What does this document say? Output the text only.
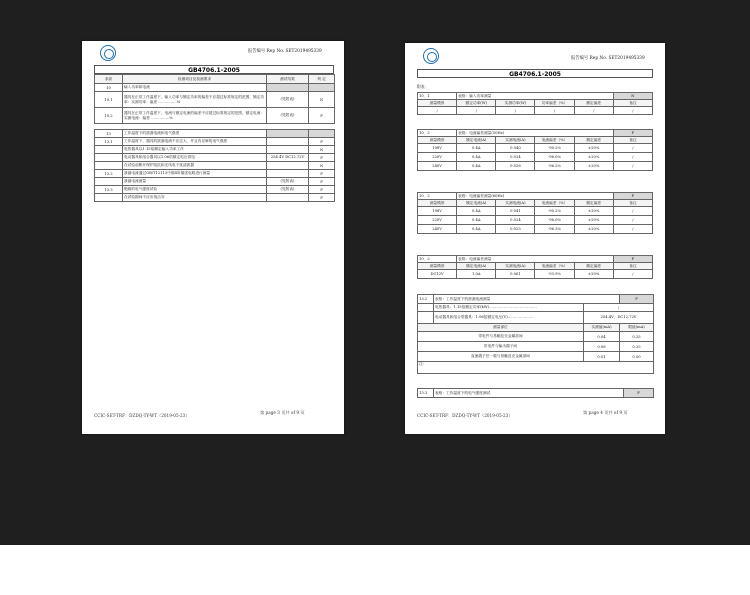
报告编号 Rep No. SET2019495339
GB4706.1-2005
条款	检测项目及检测要求	测试结果	判 定
10	输入功率和电流		
10.1	器具在正常工作温度下，输入功率与额定功率的偏差不应超过标准规定的范围，额定功率：实测功率：偏差 ……………%	(见附表)	N
10.2	器具在正常工作温度下，电流与额定电流的偏差不应超过标准规定的范围，额定电流：实测电流：偏差 ……………%	(见附表)	P

13	工作温度下的泄漏电流和电气强度		
13.1	工作温度下，器具的泄漏电流不应过大，并且有足够的电气强度		P
	电热器具以1.15倍额定输入功率工作		N
	电动器具和组合器具以1.06倍额定电压供电	254.4V DC12.72V	P
	在试验前断开保护阻抗和无线电干扰滤波器		N
13.2	泄漏电流通过GB/T12113中图4所描述电路进行测量		P
	泄漏电流测量	(见附表)	P
13.3	绝缘的电气强度试验	(见附表)	P
	在试验期间不应出现击穿		P
CCIC-SET-TRF：DZDQ-TY-WT（2019-05-23）
第 page 3 页共 of 9 页
报告编号 Rep No. SET2019495339
GB4706.1-2005
附表：
10．1	表格：输入功率测量				N
测量模形	额定功率(W)	实测功率(W)	功率偏差（%）	额定偏差	备注
/	/	/	/	/	/
10．2	表格：电流偏差测量(50Hz)				P
测量模形	额定电流(A)	实测电流(A)	电流偏差（%）	额定偏差	备注
198V	0.4A	0.040	-90.2%	±20%	/
220V	0.4A	0.024	-96.0%	±20%	/
240V	0.4A	0.026	-96.2%	±20%	/
10．2	表格：电流偏差测量(60Hz)				P
测量模形	额定电流(A)	实测电流(A)	电流偏差（%）	额定偏差	备注
198V	0.4A	0.041	-90.2%	±20%	/
220V	0.4A	0.024	-96.0%	±20%	/
240V	0.4A	0.025	-96.3%	±20%	/
10．2	表格：电流偏差测量				P
测量模形	额定电流(A)	实测电流(A)	电流偏差（%）	额定偏差	备注
DC12V	1.0A	0.061	-93.9%	±20%	/
13.2	表格：工作温度下的泄漏电流测量		P
	电热器具：1.15倍额定功率(kW)…………………………………	/	
	电动器具和组合型器具：1.06倍额定电压(V)…………………	254.4V，DC12.72V	
测量部位		实测值(mA)	限值(mA)
带电件与易触及壳金属部间		0.04	0.25
带电件与输出端子间		0.06	0.25
直流端子任一极与易触及壳金属部间		0.01	0.50
注：			
13.3	表格：工作温度下的电气强度测试	P
CCIC-SET-TRF：DZDQ-TY-WT（2019-05-23）
第 page 4 页共 of 9 页
